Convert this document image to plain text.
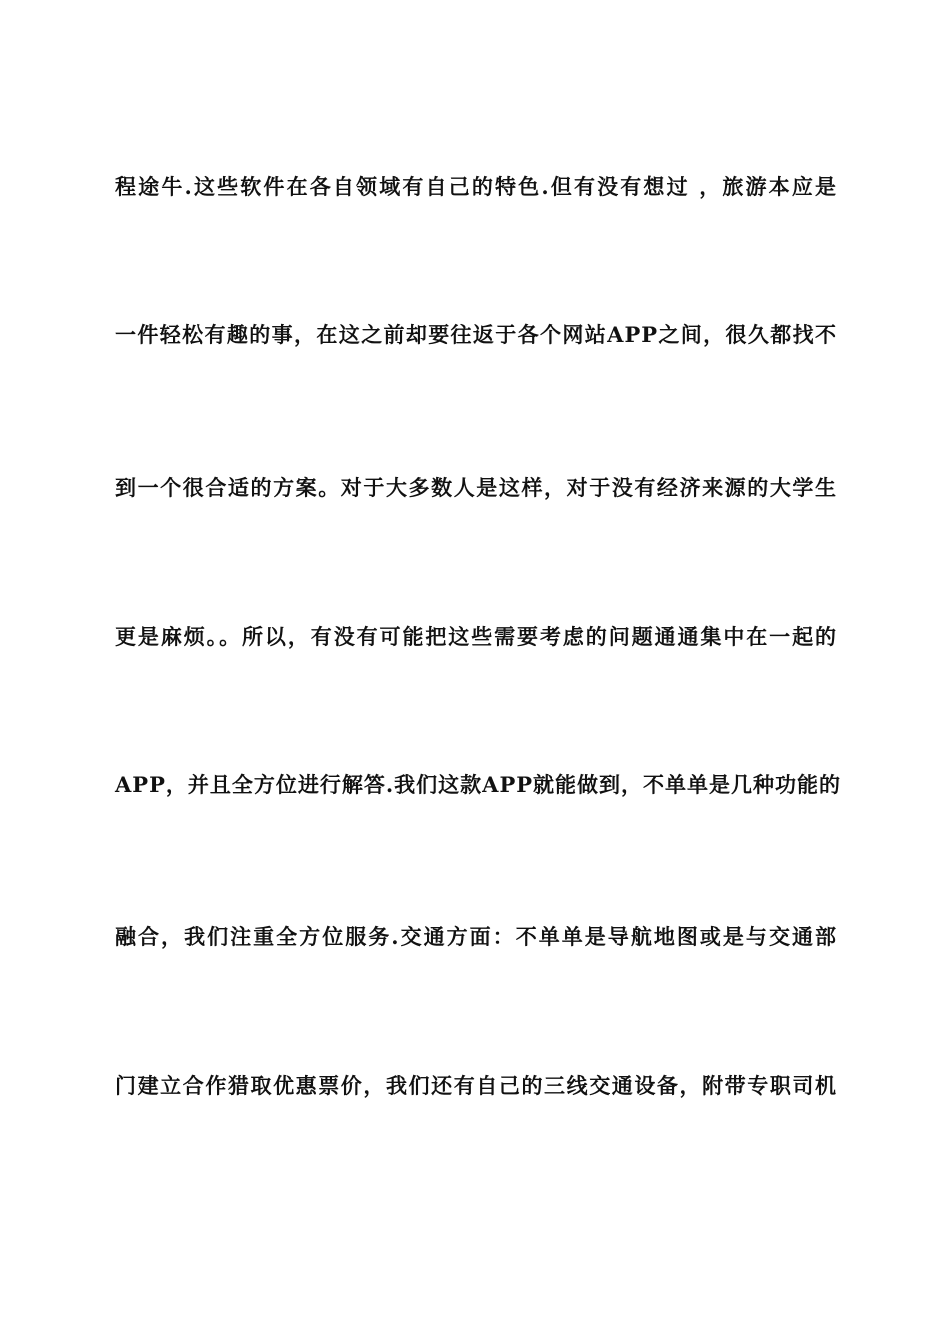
程途牛.这些软件在各自领域有自己的特色.但有没有想过 ，旅游本应是
一件轻松有趣的事，在这之前却要往返于各个网站APP之间，很久都找不
到一个很合适的方案。对于大多数人是这样，对于没有经济来源的大学生
更是麻烦。。所以，有没有可能把这些需要考虑的问题通通集中在一起的
APP，并且全方位进行解答.我们这款APP就能做到，不单单是几种功能的
融合，我们注重全方位服务.交通方面：不单单是导航地图或是与交通部
门建立合作猎取优惠票价，我们还有自己的三线交通设备，附带专职司机
